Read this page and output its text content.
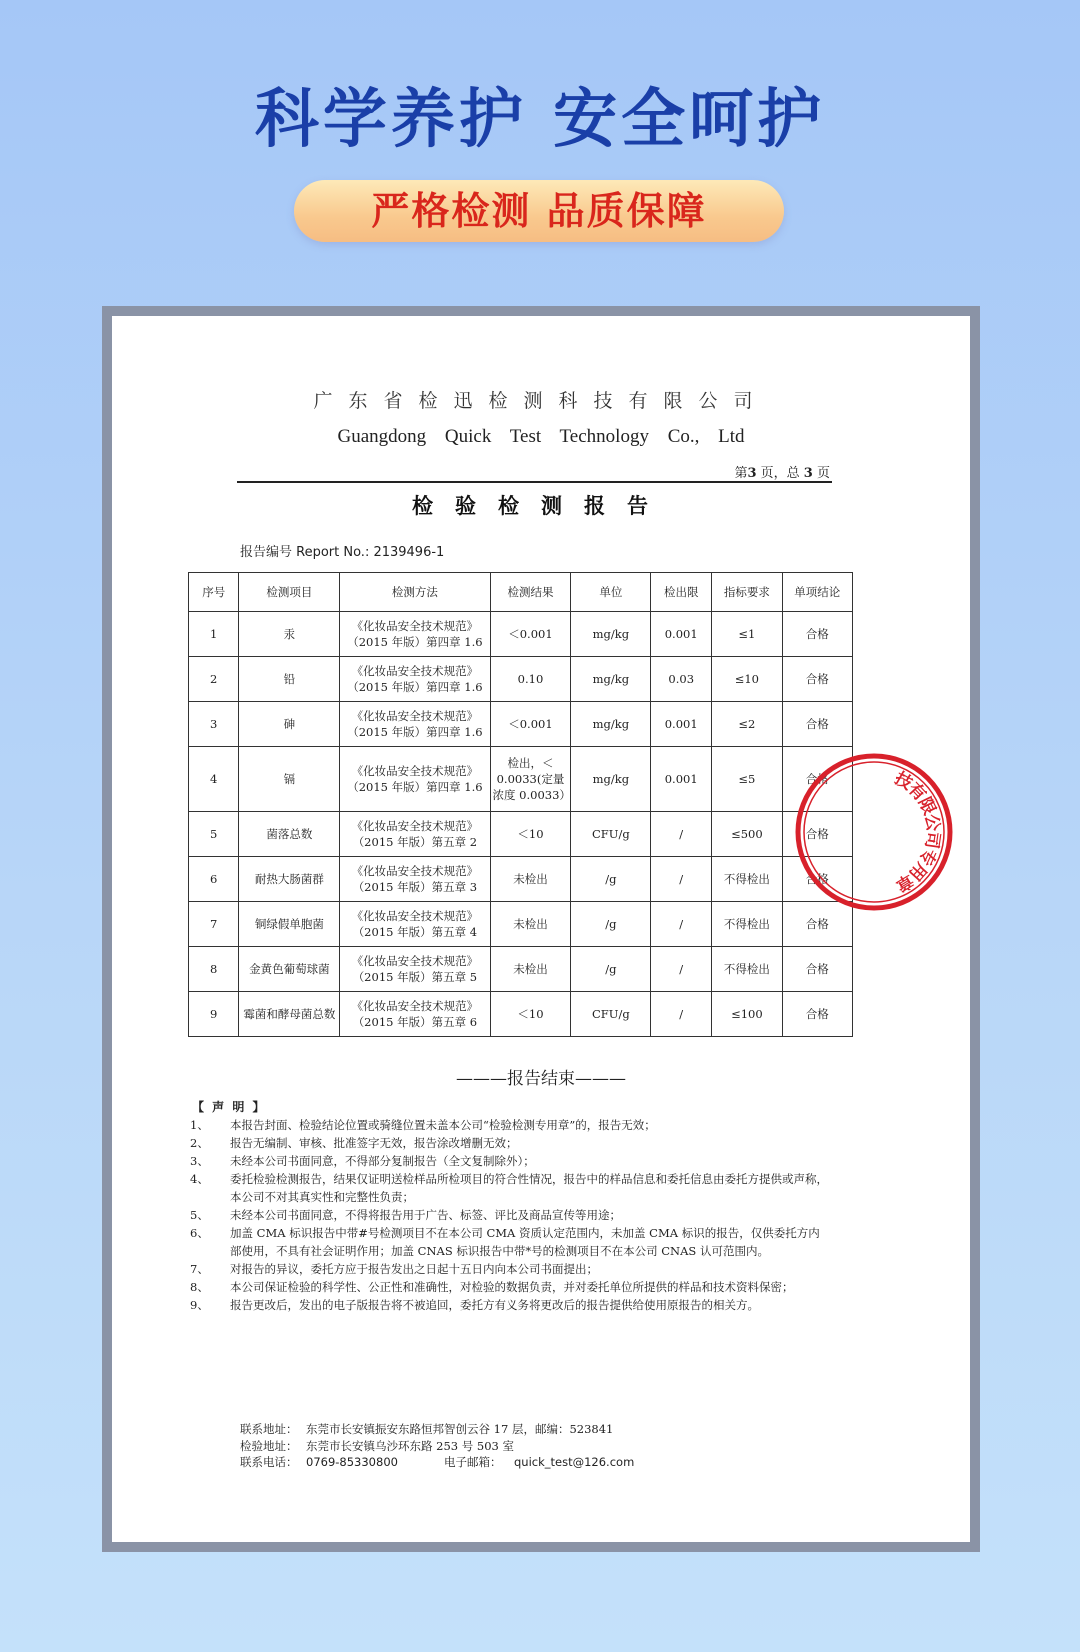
科学养护 安全呵护
严格检测 品质保障
广东省检迅检测科技有限公司
Guangdong Quick Test Technology Co., Ltd
第3 页，总 3 页
检验检测报告
报告编号 Report No.: 2139496-1
序号	检测项目	检测方法	检测结果	单位	检出限	指标要求	单项结论
1	汞	《化妆品安全技术规范》
（2015 年版）第四章 1.6	＜0.001	mg/kg	0.001	≤1	合格
2	铅	《化妆品安全技术规范》
（2015 年版）第四章 1.6	0.10	mg/kg	0.03	≤10	合格
3	砷	《化妆品安全技术规范》
（2015 年版）第四章 1.6	＜0.001	mg/kg	0.001	≤2	合格
4	镉	《化妆品安全技术规范》
（2015 年版）第四章 1.6	检出，＜ 0.0033(定量浓度 0.0033）	mg/kg	0.001	≤5	合格
5	菌落总数	《化妆品安全技术规范》
（2015 年版）第五章 2	＜10	CFU/g	/	≤500	合格
6	耐热大肠菌群	《化妆品安全技术规范》
（2015 年版）第五章 3	未检出	/g	/	不得检出	合格
7	铜绿假单胞菌	《化妆品安全技术规范》
（2015 年版）第五章 4	未检出	/g	/	不得检出	合格
8	金黄色葡萄球菌	《化妆品安全技术规范》
（2015 年版）第五章 5	未检出	/g	/	不得检出	合格
9	霉菌和酵母菌总数	《化妆品安全技术规范》
（2015 年版）第五章 6	＜10	CFU/g	/	≤100	合格
———报告结束———
【 声 明 】
1、	本报告封面、检验结论位置或骑缝位置未盖本公司“检验检测专用章”的，报告无效；
2、	报告无编制、审核、批准签字无效，报告涂改增删无效；
3、	未经本公司书面同意，不得部分复制报告（全文复制除外）；
4、	委托检验检测报告，结果仅证明送检样品所检项目的符合性情况，报告中的样品信息和委托信息由委托方提供或声称，本公司不对其真实性和完整性负责；
5、	未经本公司书面同意，不得将报告用于广告、标签、评比及商品宣传等用途；
6、	加盖 CMA 标识报告中带#号检测项目不在本公司 CMA 资质认定范围内，未加盖 CMA 标识的报告，仅供委托方内部使用，不具有社会证明作用；加盖 CNAS 标识报告中带*号的检测项目不在本公司 CNAS 认可范围内。
7、	对报告的异议，委托方应于报告发出之日起十五日内向本公司书面提出；
8、	本公司保证检验的科学性、公正性和准确性，对检验的数据负责，并对委托单位所提供的样品和技术资料保密；
9、	报告更改后，发出的电子版报告将不被追回，委托方有义务将更改后的报告提供给使用原报告的相关方。
联系地址： 东莞市长安镇振安东路恒邦智创云谷 17 层，邮编：523841
检验地址： 东莞市长安镇乌沙环东路 253 号 503 室
联系电话： 0769-85330800	电子邮箱： quick_test@126.com
技
有
限
公
司
专
用
章
